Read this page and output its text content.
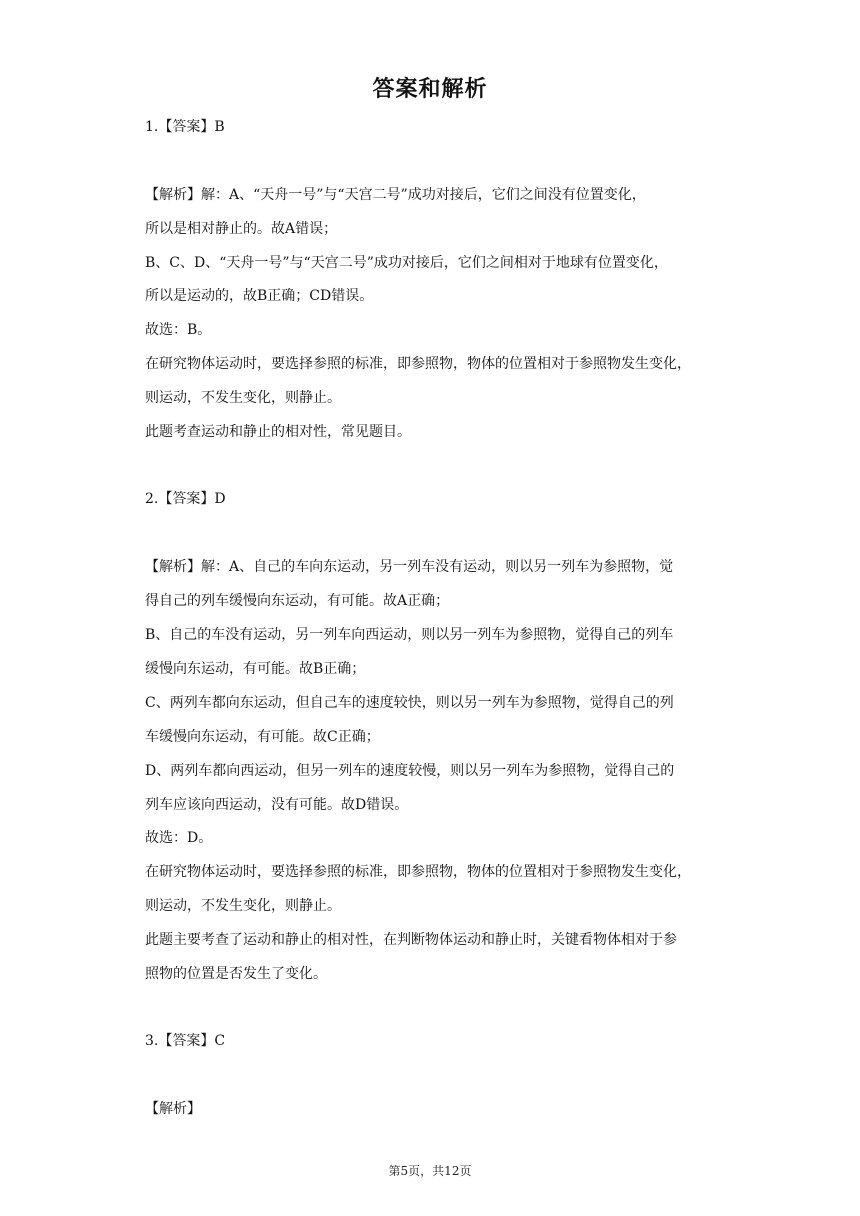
答案和解析
1.【答案】B
【解析】解：A、“天舟一号”与“天宫二号”成功对接后，它们之间没有位置变化，
所以是相对静止的。故A错误；
B、C、D、“天舟一号”与“天宫二号”成功对接后，它们之间相对于地球有位置变化，
所以是运动的，故B正确；CD错误。
故选：B。
在研究物体运动时，要选择参照的标准，即参照物，物体的位置相对于参照物发生变化，
则运动，不发生变化，则静止。
此题考查运动和静止的相对性，常见题目。
2.【答案】D
【解析】解：A、自己的车向东运动，另一列车没有运动，则以另一列车为参照物，觉
得自己的列车缓慢向东运动，有可能。故A正确；
B、自己的车没有运动，另一列车向西运动，则以另一列车为参照物，觉得自己的列车
缓慢向东运动，有可能。故B正确；
C、两列车都向东运动，但自己车的速度较快，则以另一列车为参照物，觉得自己的列
车缓慢向东运动，有可能。故C正确；
D、两列车都向西运动，但另一列车的速度较慢，则以另一列车为参照物，觉得自己的
列车应该向西运动，没有可能。故D错误。
故选：D。
在研究物体运动时，要选择参照的标准，即参照物，物体的位置相对于参照物发生变化，
则运动，不发生变化，则静止。
此题主要考查了运动和静止的相对性，在判断物体运动和静止时，关键看物体相对于参
照物的位置是否发生了变化。
3.【答案】C
【解析】
第5页，共12页
